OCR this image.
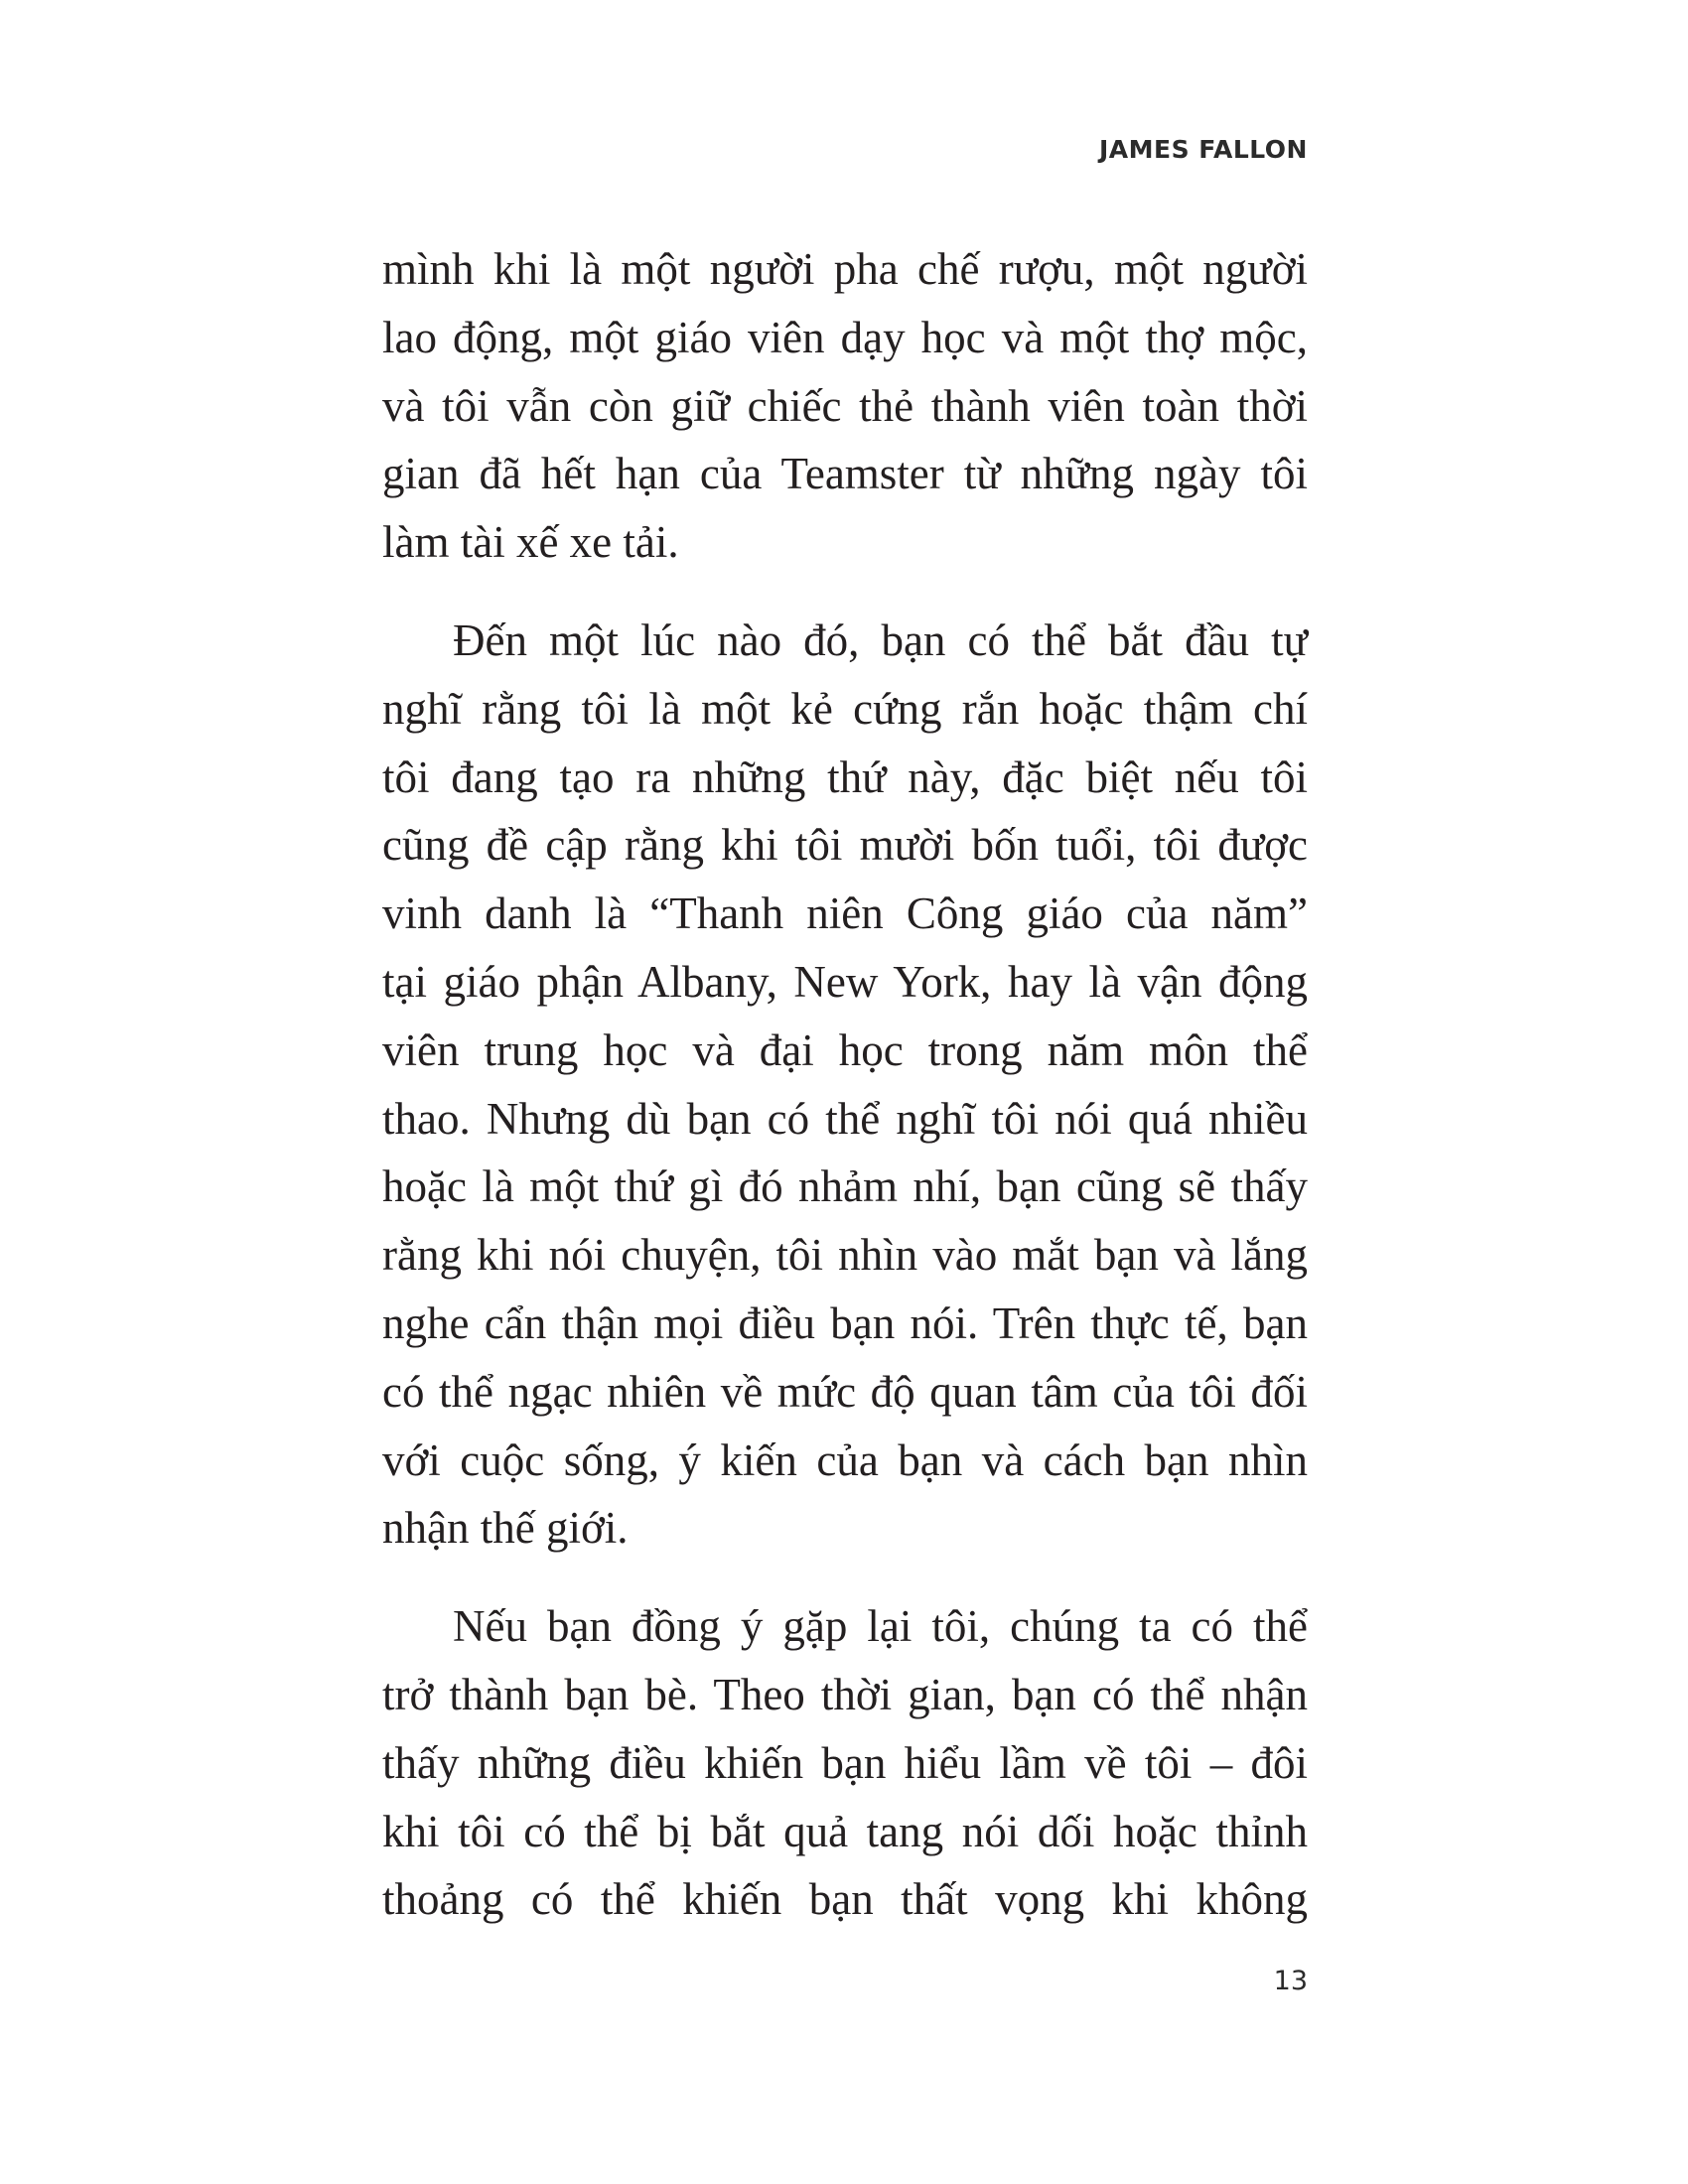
JAMES FALLON
mình khi là một người pha chế rượu, một người
lao động, một giáo viên dạy học và một thợ mộc,
và tôi vẫn còn giữ chiếc thẻ thành viên toàn thời
gian đã hết hạn của Teamster từ những ngày tôi
làm tài xế xe tải.
Đến một lúc nào đó, bạn có thể bắt đầu tự
nghĩ rằng tôi là một kẻ cứng rắn hoặc thậm chí
tôi đang tạo ra những thứ này, đặc biệt nếu tôi
cũng đề cập rằng khi tôi mười bốn tuổi, tôi được
vinh danh là “Thanh niên Công giáo của năm”
tại giáo phận Albany, New York, hay là vận động
viên trung học và đại học trong năm môn thể
thao. Nhưng dù bạn có thể nghĩ tôi nói quá nhiều
hoặc là một thứ gì đó nhảm nhí, bạn cũng sẽ thấy
rằng khi nói chuyện, tôi nhìn vào mắt bạn và lắng
nghe cẩn thận mọi điều bạn nói. Trên thực tế, bạn
có thể ngạc nhiên về mức độ quan tâm của tôi đối
với cuộc sống, ý kiến của bạn và cách bạn nhìn
nhận thế giới.
Nếu bạn đồng ý gặp lại tôi, chúng ta có thể
trở thành bạn bè. Theo thời gian, bạn có thể nhận
thấy những điều khiến bạn hiểu lầm về tôi – đôi
khi tôi có thể bị bắt quả tang nói dối hoặc thỉnh
thoảng có thể khiến bạn thất vọng khi không
13
